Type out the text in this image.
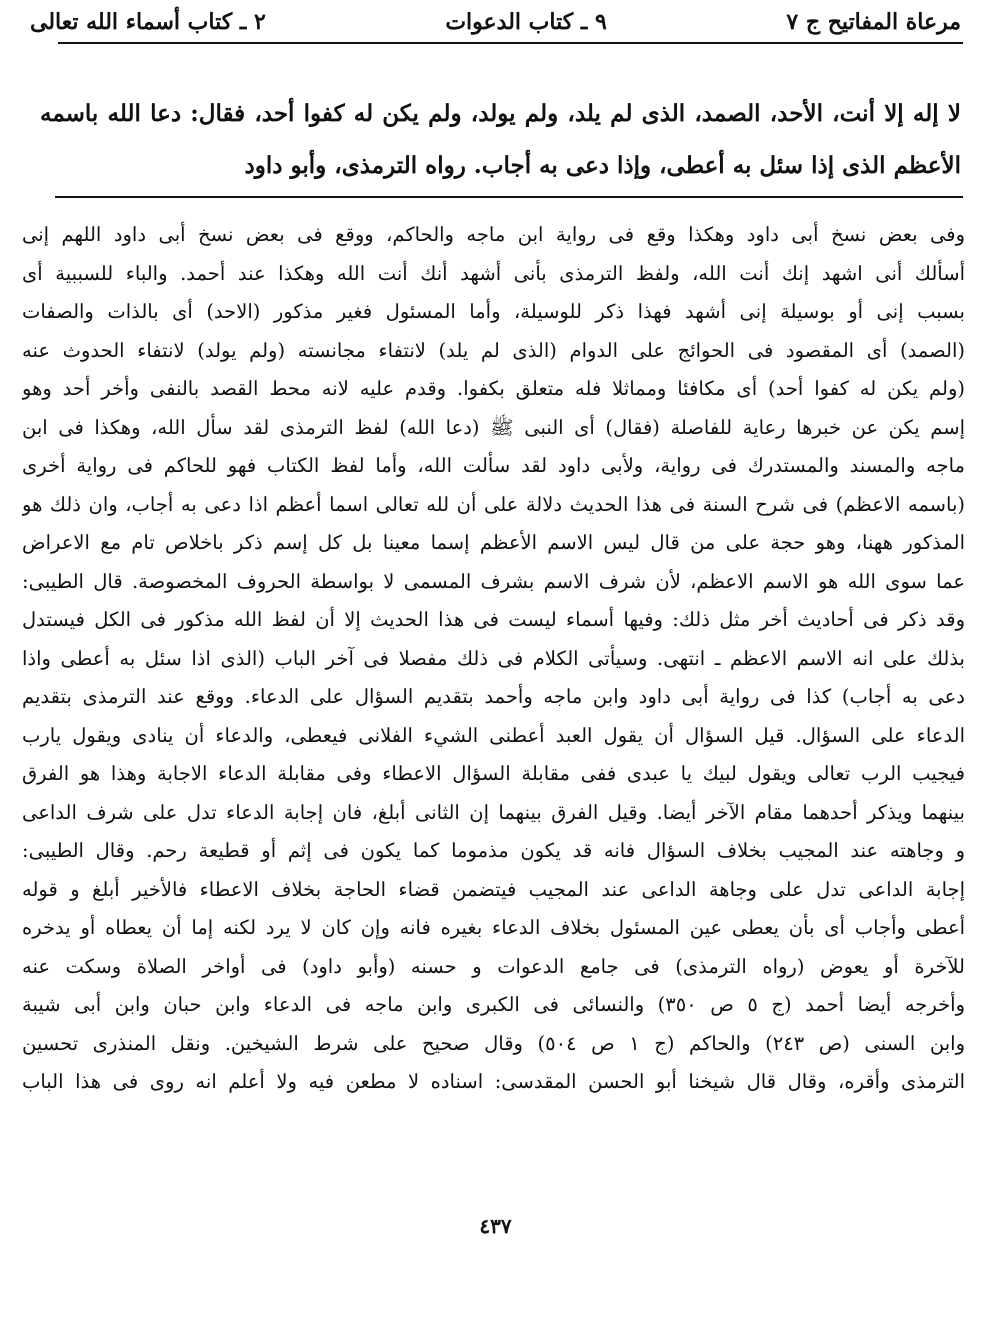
مرعاة المفاتيح ج ٧
٩ ـ كتاب الدعوات
٢ ـ كتاب أسماء الله تعالى
لا إله إلا أنت، الأحد، الصمد، الذى لم يلد، ولم يولد، ولم يكن له كفوا أحد، فقال: دعا الله باسمه الأعظم الذى إذا سئل به أعطى، وإذا دعى به أجاب. رواه الترمذى، وأبو داود

وفى بعض نسخ أبى داود وهكذا وقع فى رواية ابن ماجه والحاكم، ووقع فى بعض نسخ أبى داود اللهم إنى

أسألك أنى اشهد إنك أنت الله، ولفظ الترمذى بأنى أشهد أنك أنت الله وهكذا عند أحمد. والباء للسببية أى

بسبب إنى أو بوسيلة إنى أشهد فهذا ذكر للوسيلة، وأما المسئول فغير مذكور (الاحد) أى بالذات والصفات

(الصمد) أى المقصود فى الحوائج على الدوام (الذى لم يلد) لانتفاء مجانسته (ولم يولد) لانتفاء الحدوث عنه

(ولم يكن له كفوا أحد) أى مكافئا ومماثلا فله متعلق بكفوا. وقدم عليه لانه محط القصد بالنفى وأخر أحد وهو

إسم يكن عن خبرها رعاية للفاصلة (فقال) أى النبى ﷺ (دعا الله) لفظ الترمذى لقد سأل الله، وهكذا فى ابن

ماجه والمسند والمستدرك فى رواية، ولأبى داود لقد سألت الله، وأما لفظ الكتاب فهو للحاكم فى رواية أخرى

(باسمه الاعظم) فى شرح السنة فى هذا الحديث دلالة على أن لله تعالى اسما أعظم اذا دعى به أجاب، وان ذلك هو

المذكور ههنا، وهو حجة على من قال ليس الاسم الأعظم إسما معينا بل كل إسم ذكر باخلاص تام مع الاعراض

عما سوى الله هو الاسم الاعظم، لأن شرف الاسم بشرف المسمى لا بواسطة الحروف المخصوصة. قال الطيبى:

وقد ذكر فى أحاديث أخر مثل ذلك: وفيها أسماء ليست فى هذا الحديث إلا أن لفظ الله مذكور فى الكل فيستدل

بذلك على انه الاسم الاعظم ـ انتهى. وسيأتى الكلام فى ذلك مفصلا فى آخر الباب (الذى اذا سئل به أعطى واذا

دعى به أجاب) كذا فى رواية أبى داود وابن ماجه وأحمد بتقديم السؤال على الدعاء. ووقع عند الترمذى بتقديم

الدعاء على السؤال. قيل السؤال أن يقول العبد أعطنى الشيء الفلانى فيعطى، والدعاء أن ينادى ويقول يارب

فيجيب الرب تعالى ويقول لبيك يا عبدى ففى مقابلة السؤال الاعطاء وفى مقابلة الدعاء الاجابة وهذا هو الفرق

بينهما ويذكر أحدهما مقام الآخر أيضا. وقيل الفرق بينهما إن الثانى أبلغ، فان إجابة الدعاء تدل على شرف الداعى

و وجاهته عند المجيب بخلاف السؤال فانه قد يكون مذموما كما يكون فى إثم أو قطيعة رحم. وقال الطيبى:

إجابة الداعى تدل على وجاهة الداعى عند المجيب فيتضمن قضاء الحاجة بخلاف الاعطاء فالأخير أبلغ و قوله

أعطى وأجاب أى بأن يعطى عين المسئول بخلاف الدعاء بغيره فانه وإن كان لا يرد لكنه إما أن يعطاه أو يدخره

للآخرة أو يعوض (رواه الترمذى) فى جامع الدعوات و حسنه (وأبو داود) فى أواخر الصلاة وسكت عنه

وأخرجه أيضا أحمد (ج ٥ ص ٣٥٠) والنسائى فى الكبرى وابن ماجه فى الدعاء وابن حبان وابن أبى شيبة

وابن السنى (ص ٢٤٣) والحاكم (ج ١ ص ٥٠٤) وقال صحيح على شرط الشيخين. ونقل المنذرى تحسين

الترمذى وأقره، وقال قال شيخنا أبو الحسن المقدسى: اسناده لا مطعن فيه ولا أعلم انه روى فى هذا الباب

٤٣٧
